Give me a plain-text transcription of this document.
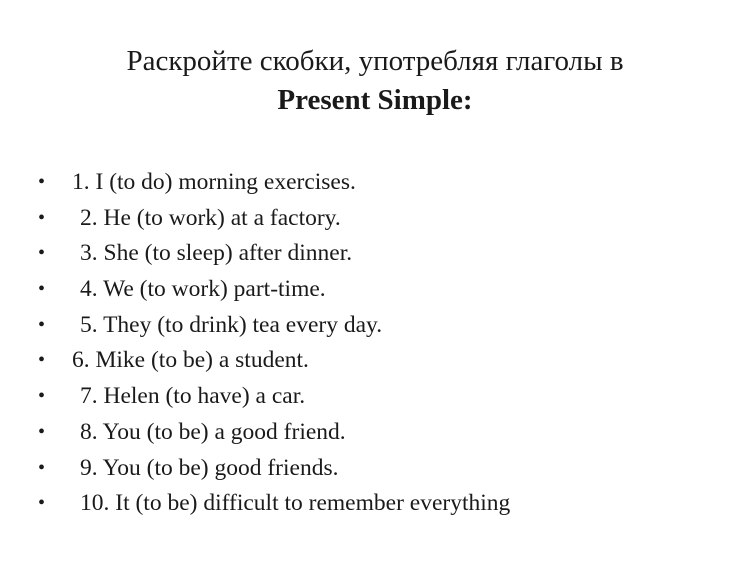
Раскройте скобки, употребляя глаголы в
Present Simple:
• 1. I (to do) morning exercises.
• 2. He (to work) at a factory.
• 3. She (to sleep) after dinner.
• 4. We (to work) part-time.
• 5. They (to drink) tea every day.
• 6. Mike (to be) a student.
• 7. Helen (to have) a car.
• 8. You (to be) a good friend.
• 9. You (to be) good friends.
• 10. It (to be) difficult to remember everything
